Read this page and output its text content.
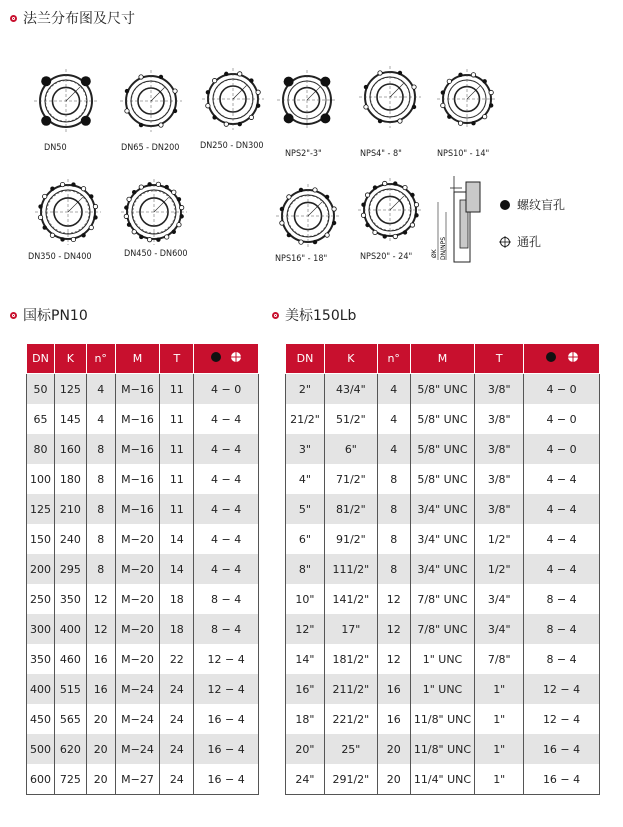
法兰分布图及尺寸
DN50	DN65 - DN200 DN250 - DN300
NPS2"-3"	NPS4" - 8"	NPS10" - 14"
DN350 - DN400	DN450 - DN600	NPS16" - 18"	NPS20" - 24"	ØK DN/NPS
螺纹盲孔
通孔
国标PN10
DN	K	n°	M	T	
50	125	4	M−16	11	4 − 0
65	145	4	M−16	11	4 − 4
80	160	8	M−16	11	4 − 4
100	180	8	M−16	11	4 − 4
125	210	8	M−16	11	4 − 4
150	240	8	M−20	14	4 − 4
200	295	8	M−20	14	4 − 4
250	350	12	M−20	18	8 − 4
300	400	12	M−20	18	8 − 4
350	460	16	M−20	22	12 − 4
400	515	16	M−24	24	12 − 4
450	565	20	M−24	24	16 − 4
500	620	20	M−24	24	16 − 4
600	725	20	M−27	24	16 − 4
美标150Lb
DN	K	n°	M	T	
2"	43/4"	4	5/8" UNC	3/8"	4 − 0
21/2"	51/2"	4	5/8" UNC	3/8"	4 − 0
3"	6"	4	5/8" UNC	3/8"	4 − 0
4"	71/2"	8	5/8" UNC	3/8"	4 − 4
5"	81/2"	8	3/4" UNC	3/8"	4 − 4
6"	91/2"	8	3/4" UNC	1/2"	4 − 4
8"	111/2"	8	3/4" UNC	1/2"	4 − 4
10"	141/2"	12	7/8" UNC	3/4"	8 − 4
12"	17"	12	7/8" UNC	3/4"	8 − 4
14"	181/2"	12	1" UNC	7/8"	8 − 4
16"	211/2"	16	1" UNC	1"	12 − 4
18"	221/2"	16	11/8" UNC	1"	12 − 4
20"	25"	20	11/8" UNC	1"	16 − 4
24"	291/2"	20	11/4" UNC	1"	16 − 4
